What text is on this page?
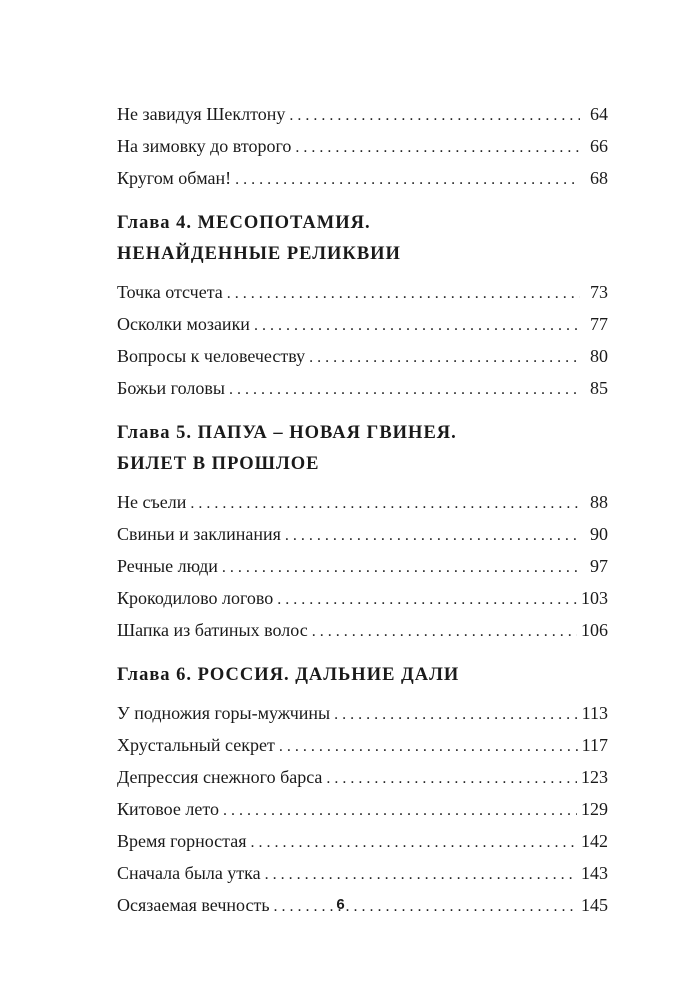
Не завидуя Шеклтону . . .	64
На зимовку до второго . . .	66
Кругом обман! . . .	68
Глава 4. МЕСОПОТАМИЯ.
НЕНАЙДЕННЫЕ РЕЛИКВИИ
Точка отсчета . . .	73
Осколки мозаики . . .	77
Вопросы к человечеству . . .	80
Божьи головы . . .	85
Глава 5. ПАПУА – НОВАЯ ГВИНЕЯ.
БИЛЕТ В ПРОШЛОЕ
Не съели . . .	88
Свиньи и заклинания . . .	90
Речные люди . . .	97
Крокодилово логово . . .	103
Шапка из батиных волос . . .	106
Глава 6. РОССИЯ. ДАЛЬНИЕ ДАЛИ
У подножия горы-мужчины . . .	113
Хрустальный секрет . . .	117
Депрессия снежного барса . . .	123
Китовое лето . . .	129
Время горностая . . .	142
Сначала была утка . . .	143
Осязаемая вечность . . .	145
6
